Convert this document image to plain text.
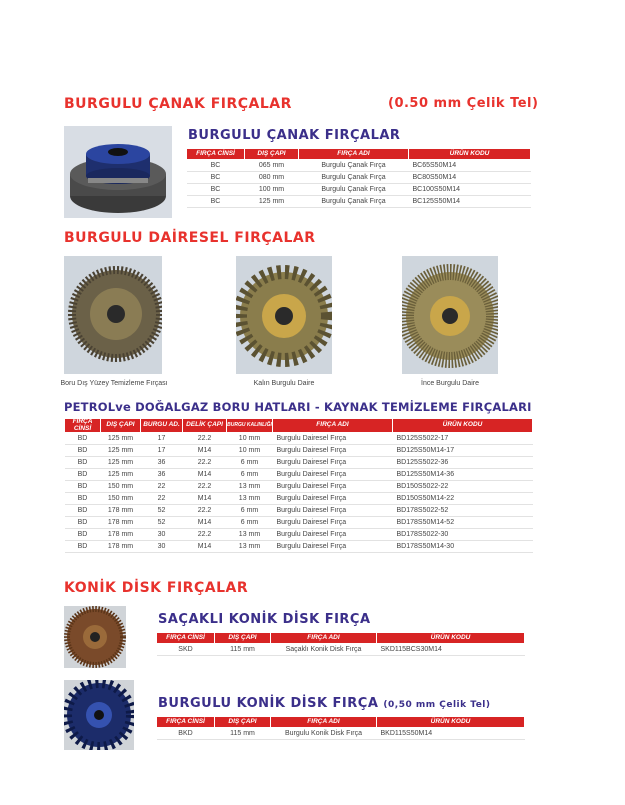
BURGULU ÇANAK FIRÇALAR	(0.50 mm Çelik Tel)
BURGULU ÇANAK FIRÇALAR
FIRÇA CİNSİ	DIŞ ÇAPI	FIRÇA ADI	ÜRÜN KODU
BC	065 mm	Burgulu Çanak Fırça	BC65S50M14
BC	080 mm	Burgulu Çanak Fırça	BC80S50M14
BC	100 mm	Burgulu Çanak Fırça	BC100S50M14
BC	125 mm	Burgulu Çanak Fırça	BC125S50M14
BURGULU DAİRESEL FIRÇALAR
Boru Dış Yüzey Temizleme Fırçası	Kalın Burgulu Daire	İnce Burgulu Daire
PETROLve DOĞALGAZ BORU HATLARI - KAYNAK TEMİZLEME FIRÇALARI
FIRÇA CİNSİ	DIŞ ÇAPI	BURGU AD.	DELİK ÇAPI	BURGU KALINLIĞI	FIRÇA ADI	ÜRÜN KODU
BD	125 mm	17	22.2	10 mm	Burgulu Dairesel Fırça	BD125S5022-17
BD	125 mm	17	M14	10 mm	Burgulu Dairesel Fırça	BD125S50M14-17
BD	125 mm	36	22.2	6 mm	Burgulu Dairesel Fırça	BD125S5022-36
BD	125 mm	36	M14	6 mm	Burgulu Dairesel Fırça	BD125S50M14-36
BD	150 mm	22	22.2	13 mm	Burgulu Dairesel Fırça	BD150S5022-22
BD	150 mm	22	M14	13 mm	Burgulu Dairesel Fırça	BD150S50M14-22
BD	178 mm	52	22.2	6 mm	Burgulu Dairesel Fırça	BD178S5022-52
BD	178 mm	52	M14	6 mm	Burgulu Dairesel Fırça	BD178S50M14-52
BD	178 mm	30	22.2	13 mm	Burgulu Dairesel Fırça	BD178S5022-30
BD	178 mm	30	M14	13 mm	Burgulu Dairesel Fırça	BD178S50M14-30
KONİK DİSK FIRÇALAR
SAÇAKLI KONİK DİSK FIRÇA
FIRÇA CİNSİ	DIŞ ÇAPI	FIRÇA ADI	ÜRÜN KODU
SKD	115 mm	Saçaklı Konik Disk Fırça	SKD115BCS30M14
BURGULU KONİK DİSK FIRÇA (0,50 mm Çelik Tel)
FIRÇA CİNSİ	DIŞ ÇAPI	FIRÇA ADI	ÜRÜN KODU
BKD	115 mm	Burgulu Konik Disk Fırça	BKD115S50M14
